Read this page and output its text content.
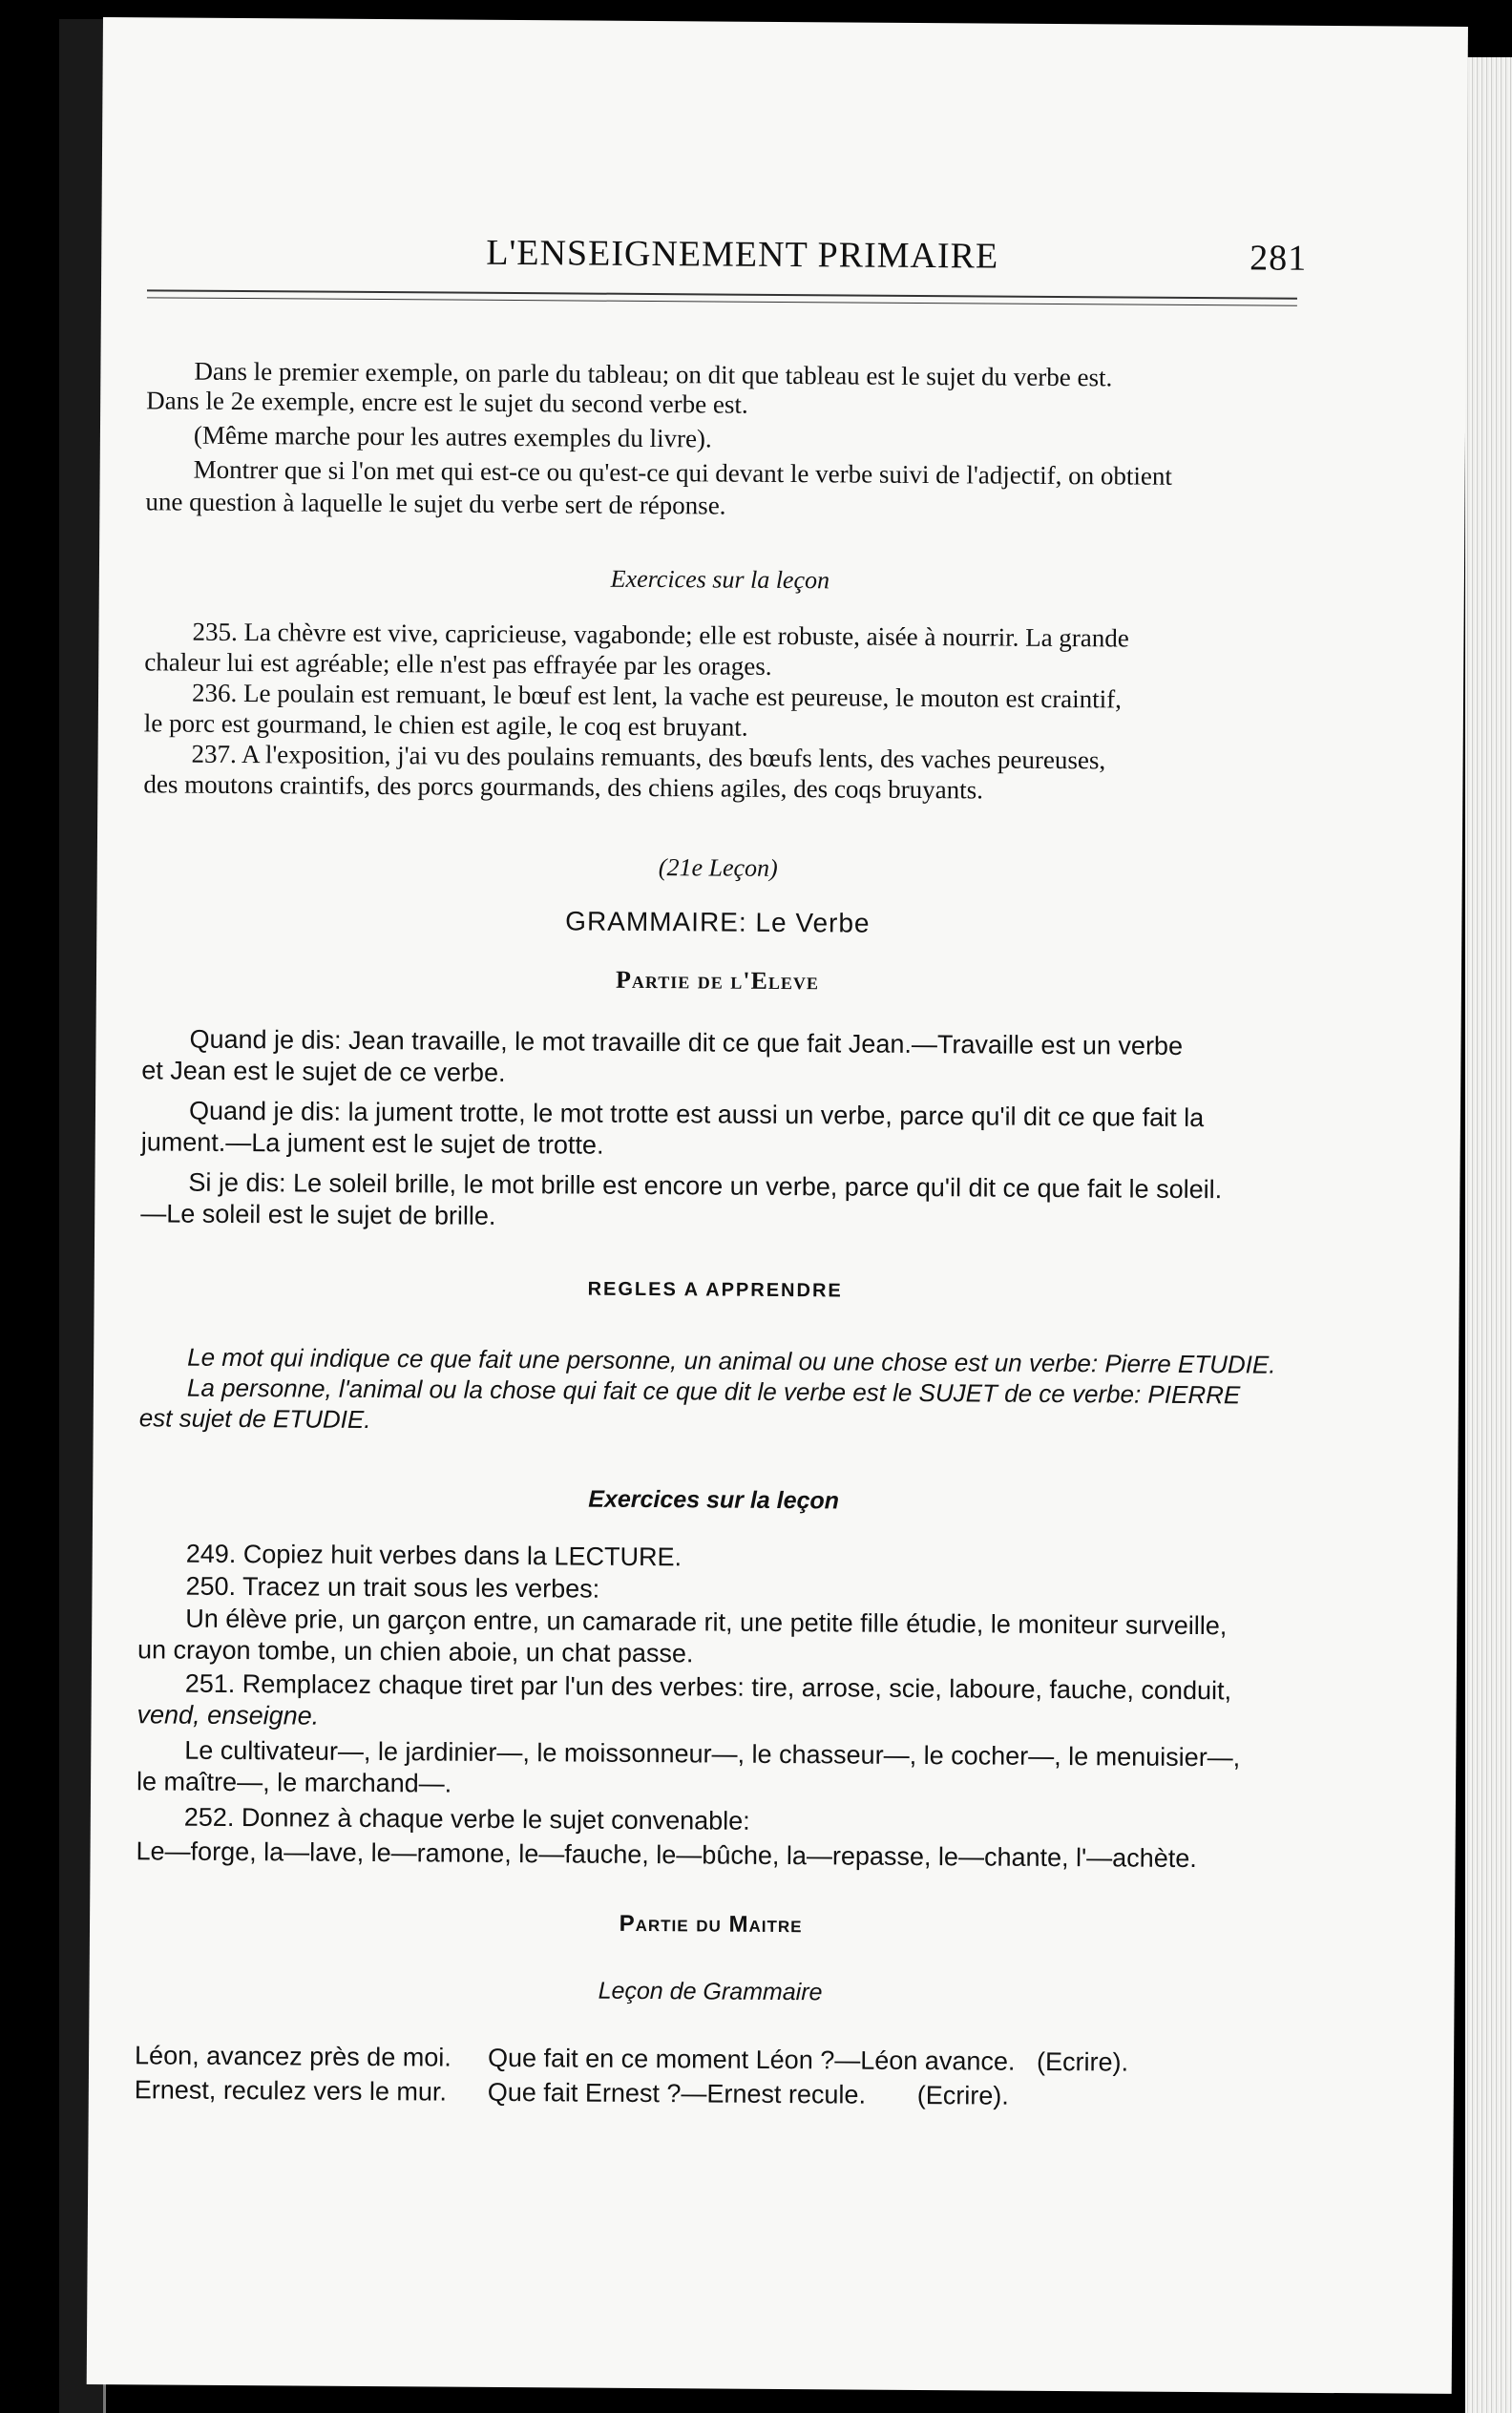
L'ENSEIGNEMENT PRIMAIRE	281
Dans le premier exemple, on parle du tableau; on dit que tableau est le sujet du verbe est.
Dans le 2e exemple, encre est le sujet du second verbe est.
(Même marche pour les autres exemples du livre).
Montrer que si l'on met qui est-ce ou qu'est-ce qui devant le verbe suivi de l'adjectif, on obtient
une question à laquelle le sujet du verbe sert de réponse.
Exercices sur la leçon
235. La chèvre est vive, capricieuse, vagabonde; elle est robuste, aisée à nourrir. La grande
chaleur lui est agréable; elle n'est pas effrayée par les orages.
236. Le poulain est remuant, le bœuf est lent, la vache est peureuse, le mouton est craintif,
le porc est gourmand, le chien est agile, le coq est bruyant.
237. A l'exposition, j'ai vu des poulains remuants, des bœufs lents, des vaches peureuses,
des moutons craintifs, des porcs gourmands, des chiens agiles, des coqs bruyants.
(21e Leçon)
GRAMMAIRE: Le Verbe
Partie de l'Eleve
Quand je dis: Jean travaille, le mot travaille dit ce que fait Jean.—Travaille est un verbe
et Jean est le sujet de ce verbe.
Quand je dis: la jument trotte, le mot trotte est aussi un verbe, parce qu'il dit ce que fait la
jument.—La jument est le sujet de trotte.
Si je dis: Le soleil brille, le mot brille est encore un verbe, parce qu'il dit ce que fait le soleil.
—Le soleil est le sujet de brille.
REGLES A APPRENDRE
Le mot qui indique ce que fait une personne, un animal ou une chose est un verbe: Pierre ETUDIE.
La personne, l'animal ou la chose qui fait ce que dit le verbe est le SUJET de ce verbe: PIERRE
est sujet de ETUDIE.
Exercices sur la leçon
249. Copiez huit verbes dans la LECTURE.
250. Tracez un trait sous les verbes:
Un élève prie, un garçon entre, un camarade rit, une petite fille étudie, le moniteur surveille,
un crayon tombe, un chien aboie, un chat passe.
251. Remplacez chaque tiret par l'un des verbes: tire, arrose, scie, laboure, fauche, conduit,
vend, enseigne.
Le cultivateur—, le jardinier—, le moissonneur—, le chasseur—, le cocher—, le menuisier—,
le maître—, le marchand—.
252. Donnez à chaque verbe le sujet convenable:
Le—forge, la—lave, le—ramone, le—fauche, le—bûche, la—repasse, le—chante, l'—achète.
Partie du Maitre
Leçon de Grammaire
Léon, avancez près de moi. Que fait en ce moment Léon ?—Léon avance. (Ecrire).
Ernest, reculez vers le mur. Que fait Ernest ?—Ernest recule. (Ecrire).
